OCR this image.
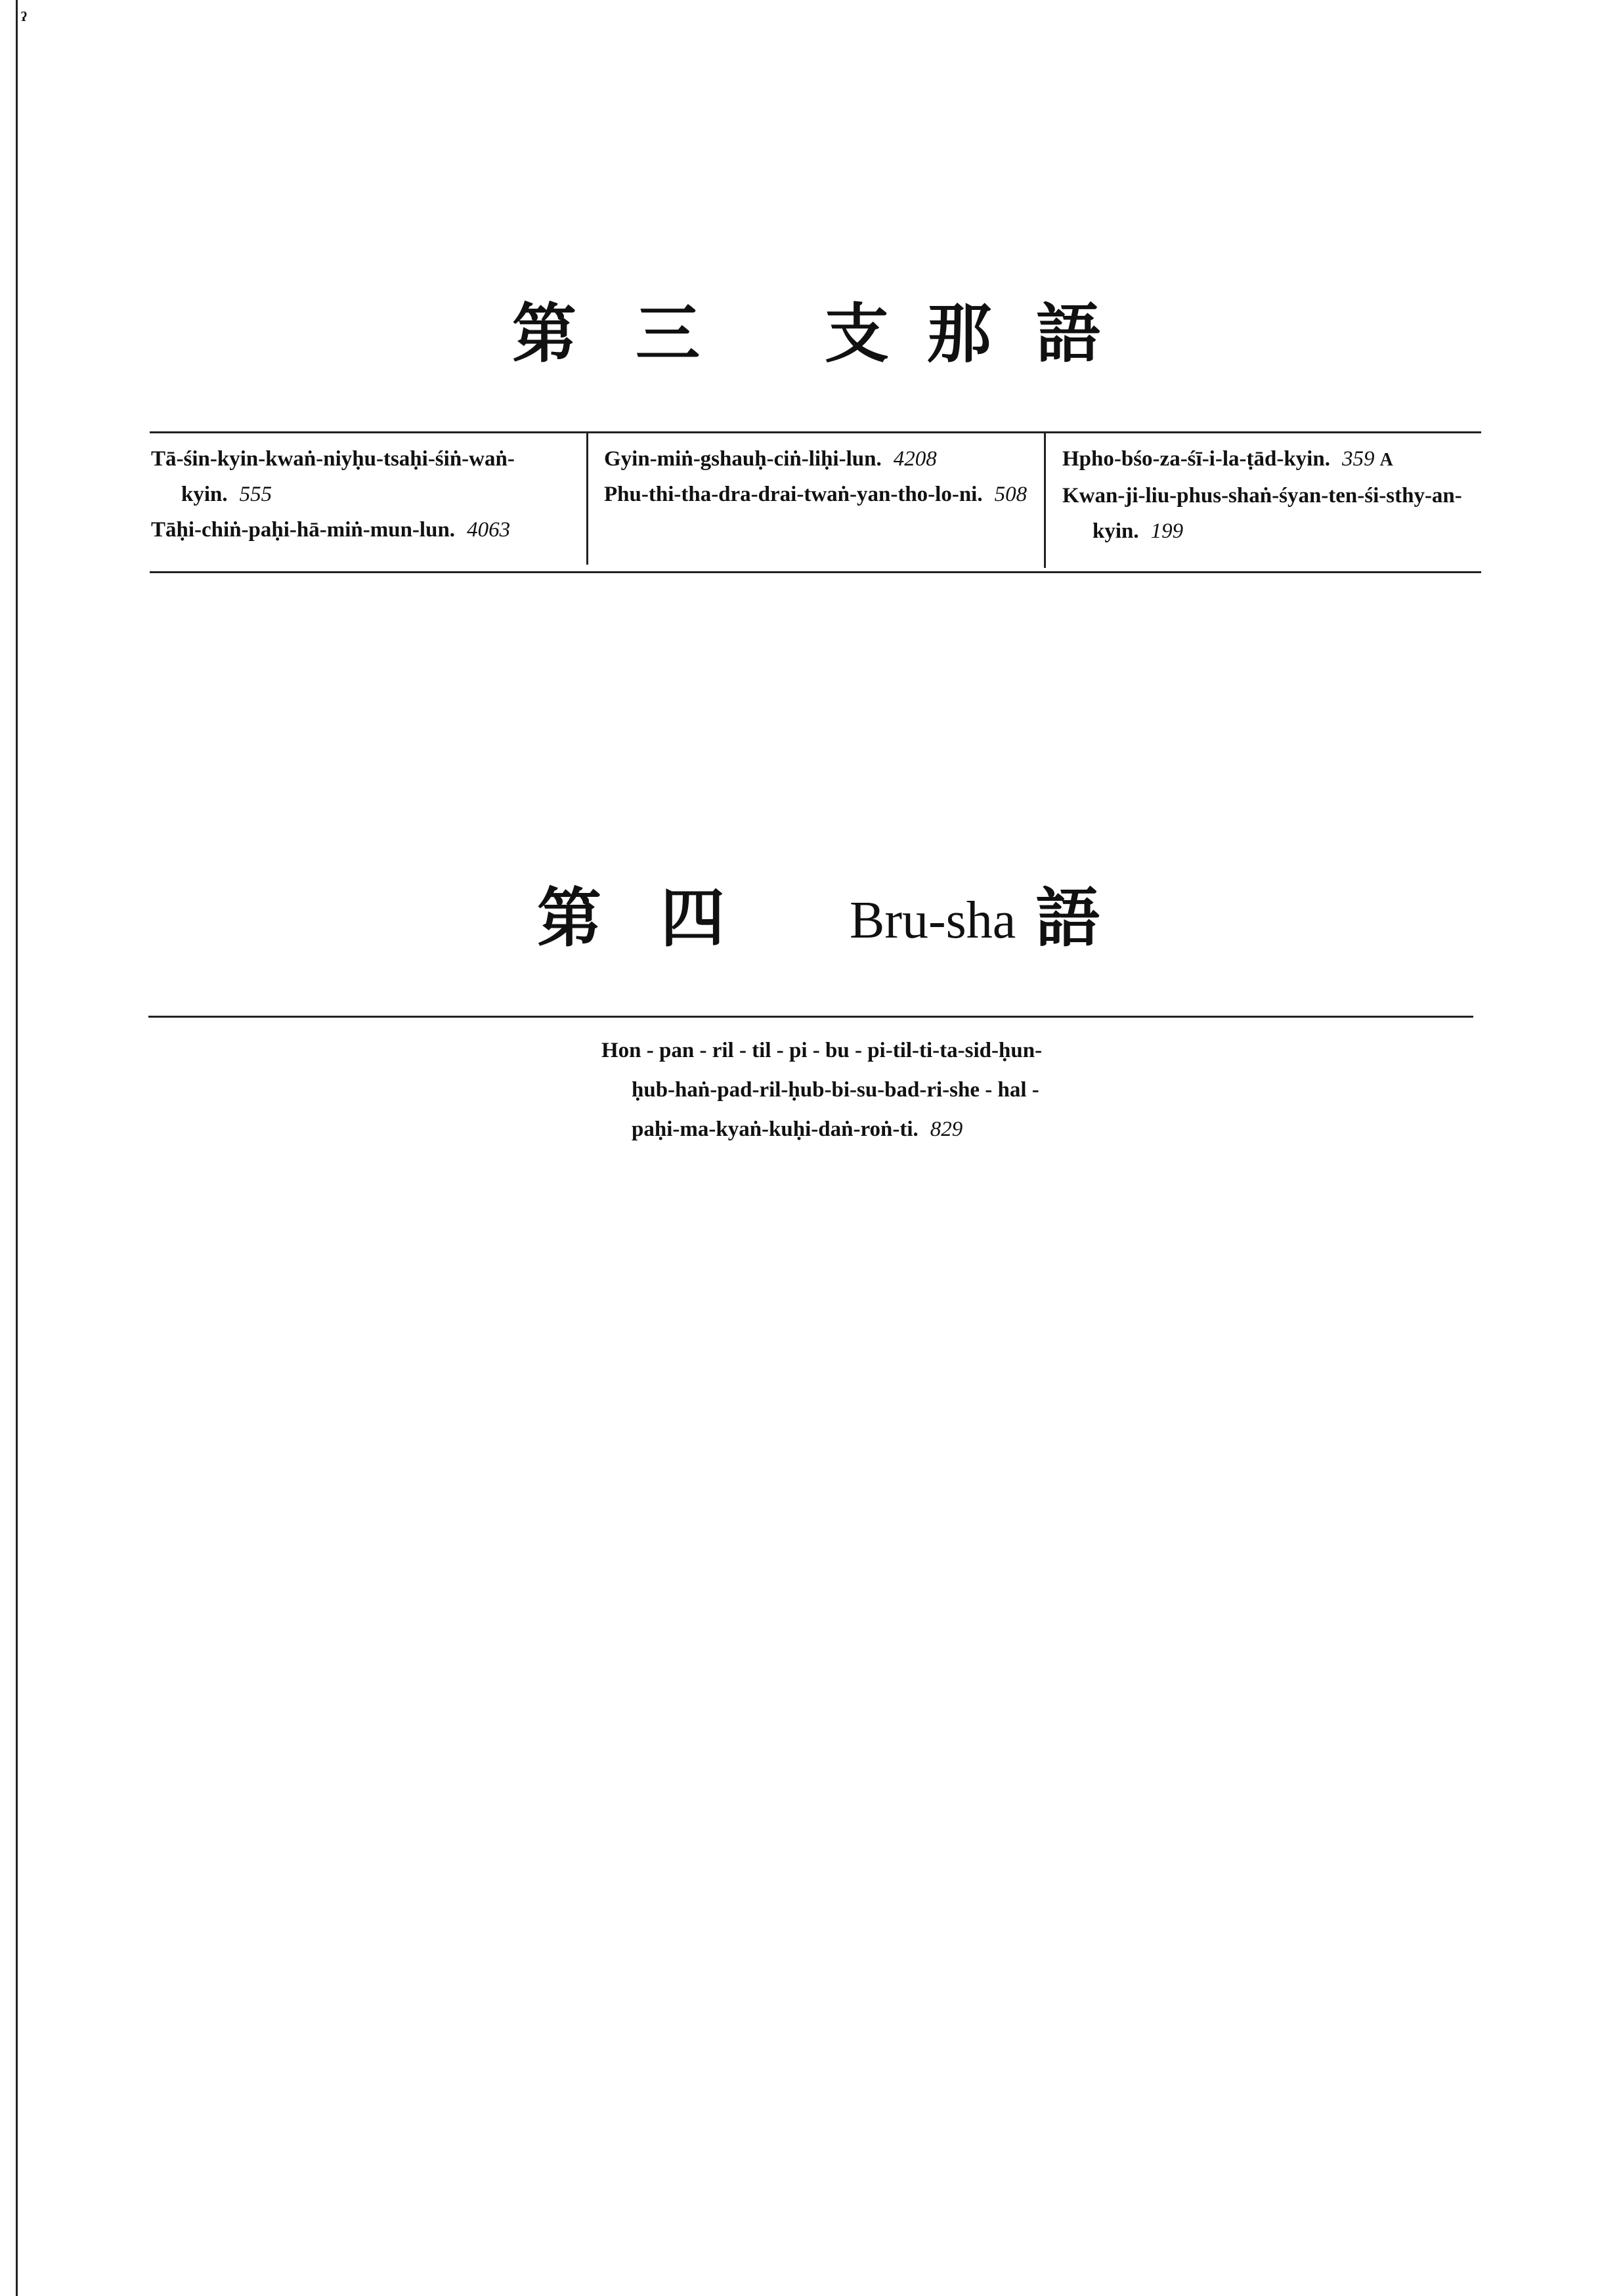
ˀ
第 三 支 那 語

Tā-śin-kyin-kwaṅ-niyḥu-tsaḥi-śiṅ-waṅ-kyin. 555

Tāḥi-chiṅ-paḥi-hā-miṅ-mun-lun. 4063

Gyin-miṅ-gshauḥ-ciṅ-liḥi-lun. 4208

Phu-thi-tha-dra-drai-twaṅ-yan-tho-lo-ni. 508

Hpho-bśo-za-śī-i-la-ṭād-kyin. 359 A

Kwan-ji-liu-phus-shaṅ-śyan-ten-śi-sthy-an-kyin. 199

第 四 Bru-sha 語

Hon - pan - ril - til - pi - bu - pi-til-ti-ta-sid-ḥun-ḥub-haṅ-pad-ril-ḥub-bi-su-bad-ri-she - hal - paḥi-ma-kyaṅ-kuḥi-daṅ-roṅ-ti. 829
